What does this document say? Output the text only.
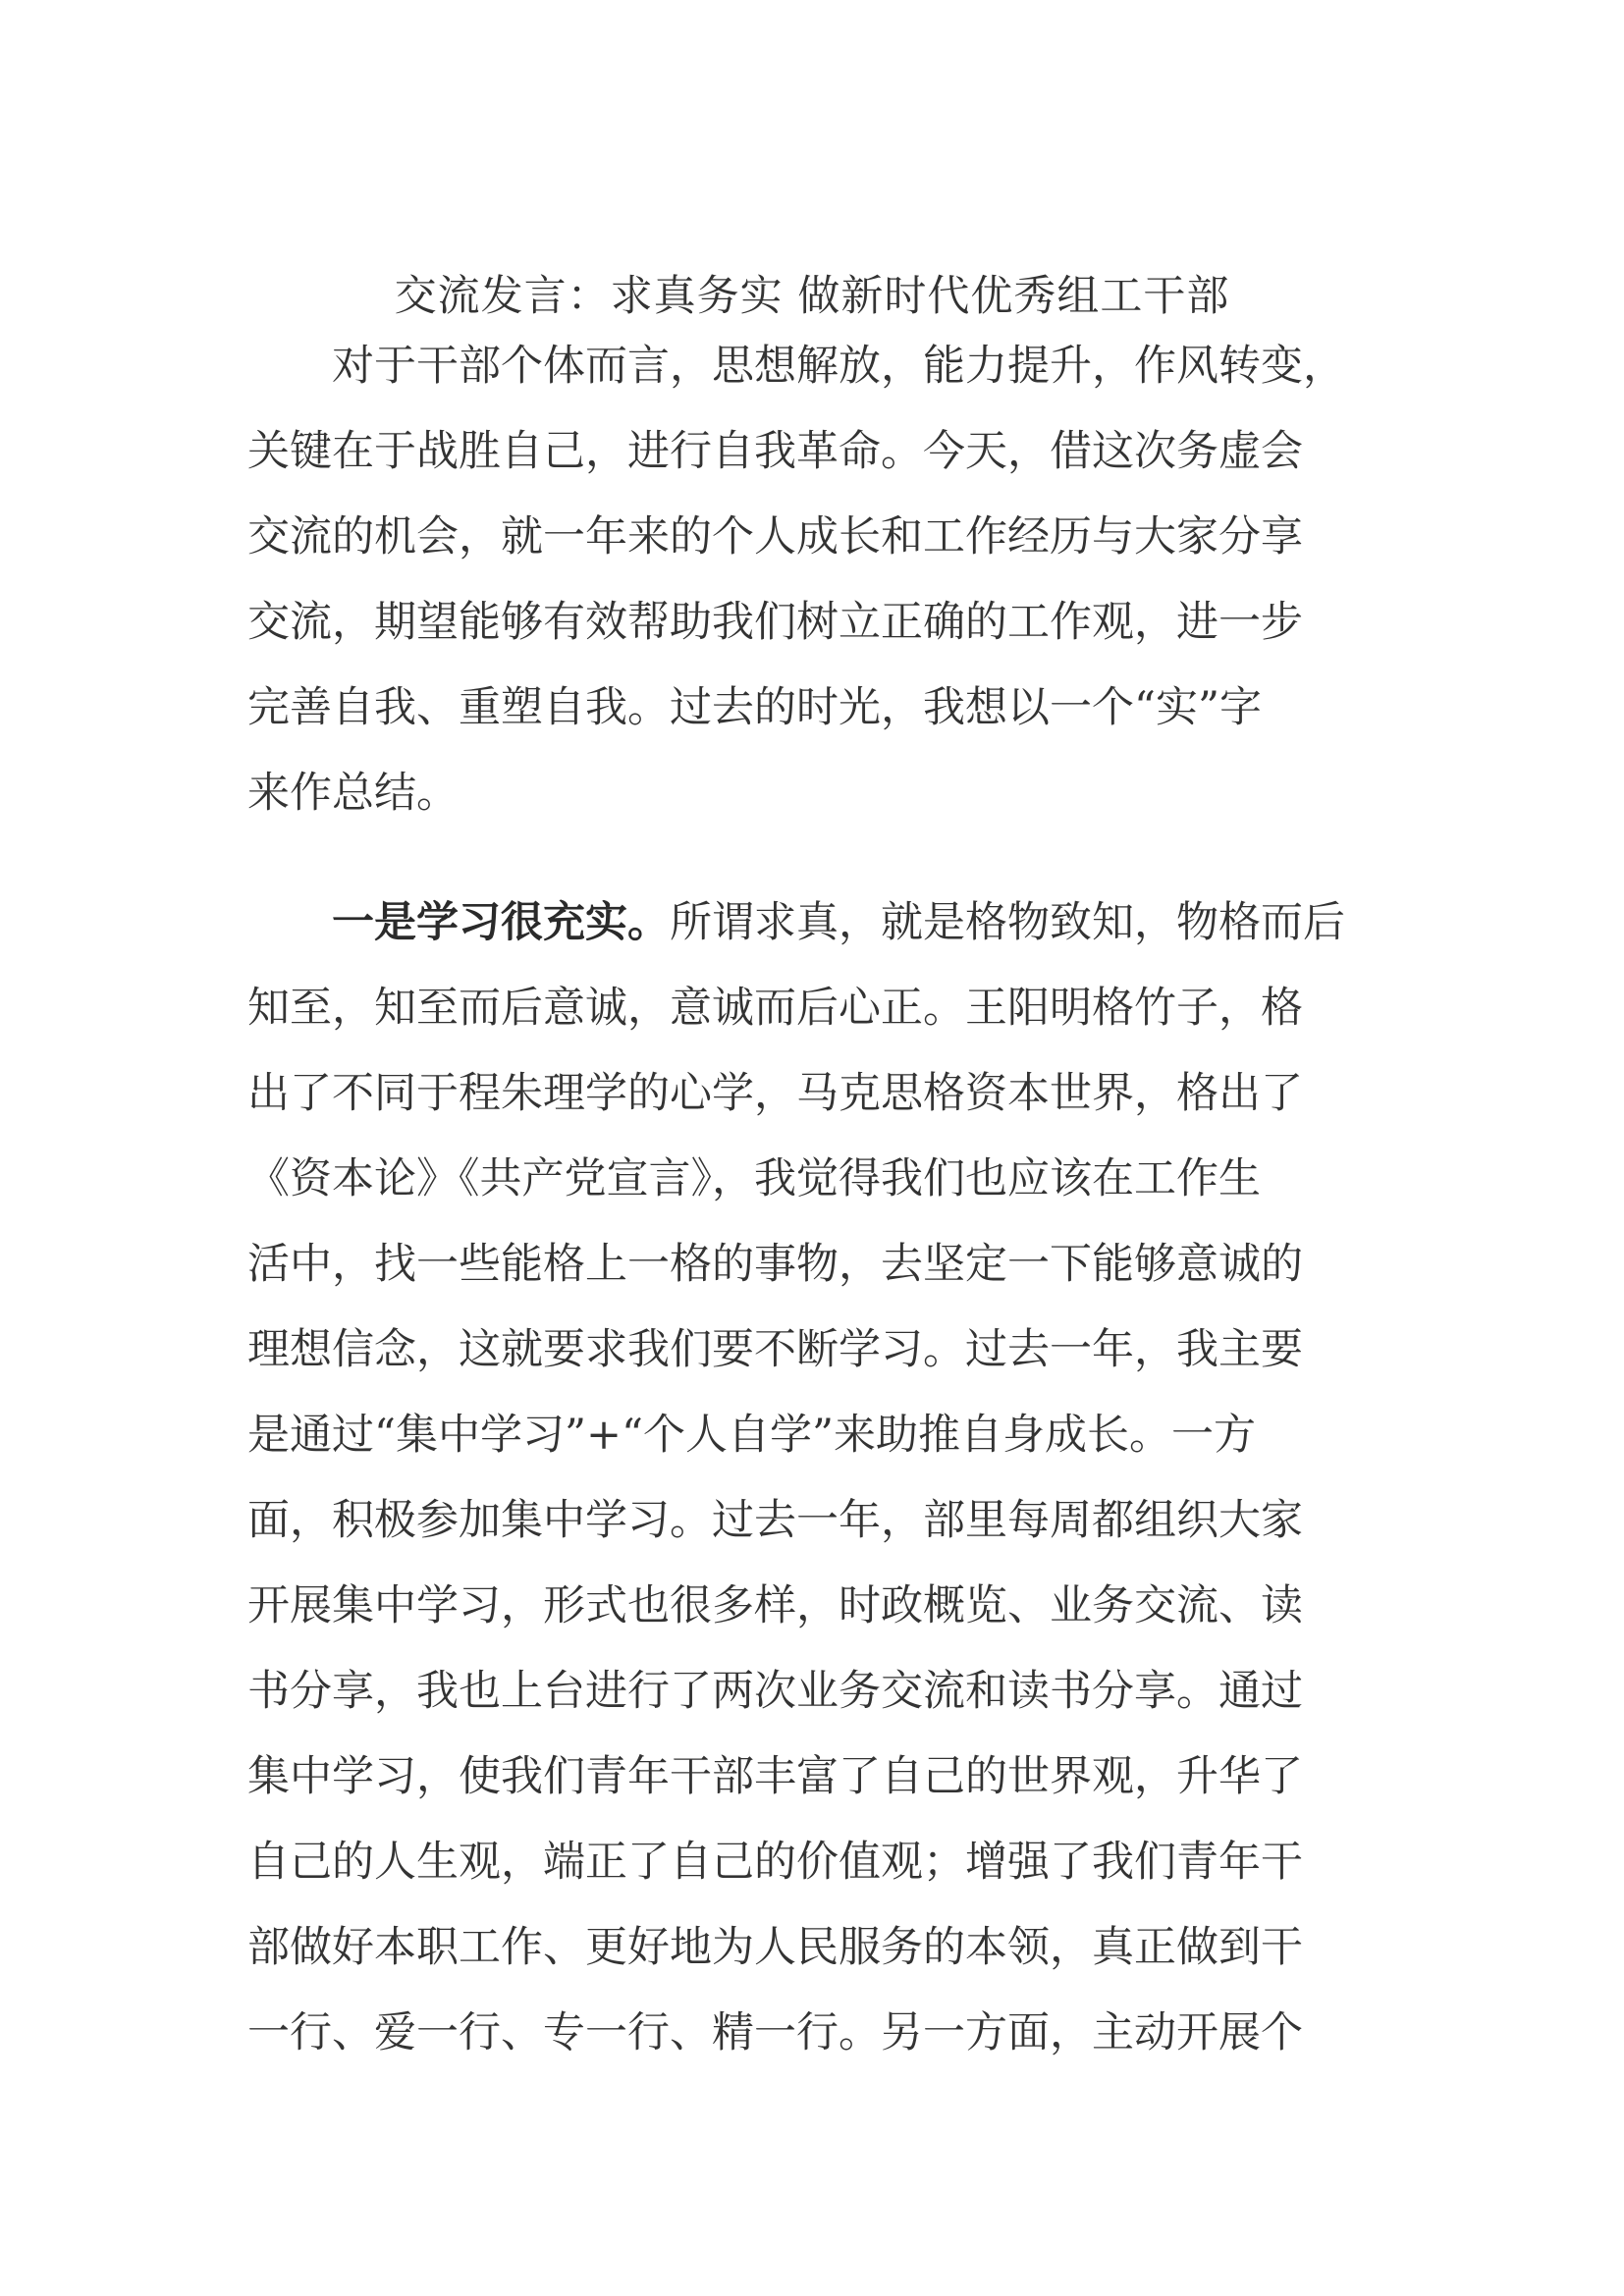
交流发言：求真务实 做新时代优秀组工干部
　　对于干部个体而言，思想解放，能力提升，作风转变，
关键在于战胜自己，进行自我革命。今天，借这次务虚会
交流的机会，就一年来的个人成长和工作经历与大家分享
交流，期望能够有效帮助我们树立正确的工作观，进一步
完善自我、重塑自我。过去的时光，我想以一个“实”字
来作总结。
　　一是学习很充实。所谓求真，就是格物致知，物格而后
知至，知至而后意诚，意诚而后心正。王阳明格竹子，格
出了不同于程朱理学的心学，马克思格资本世界，格出了
《资本论》《共产党宣言》，我觉得我们也应该在工作生
活中，找一些能格上一格的事物，去坚定一下能够意诚的
理想信念，这就要求我们要不断学习。过去一年，我主要
是通过“集中学习”+“个人自学”来助推自身成长。一方
面，积极参加集中学习。过去一年，部里每周都组织大家
开展集中学习，形式也很多样，时政概览、业务交流、读
书分享，我也上台进行了两次业务交流和读书分享。通过
集中学习，使我们青年干部丰富了自己的世界观，升华了
自己的人生观，端正了自己的价值观；增强了我们青年干
部做好本职工作、更好地为人民服务的本领，真正做到干
一行、爱一行、专一行、精一行。另一方面，主动开展个
